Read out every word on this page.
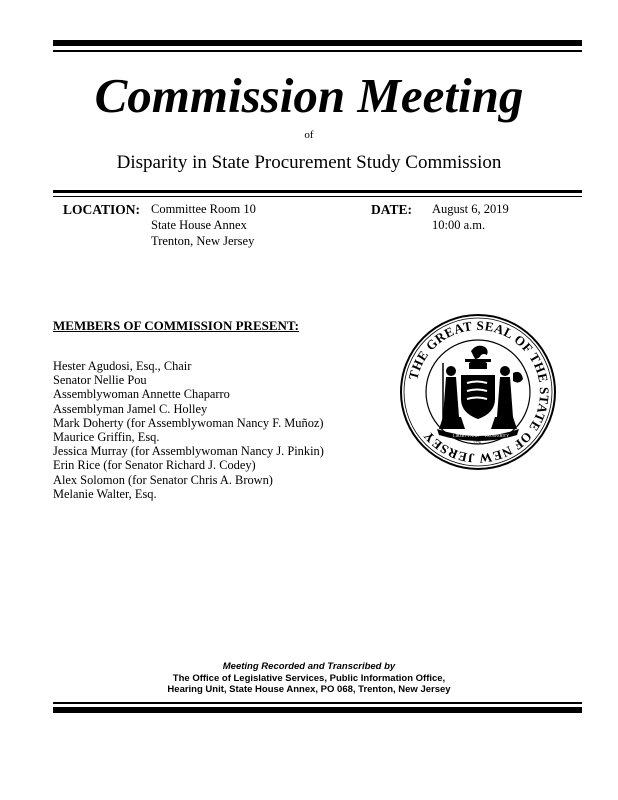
Commission Meeting
of
Disparity in State Procurement Study Commission
LOCATION: Committee Room 10
State House Annex
Trenton, New Jersey
DATE: August 6, 2019
10:00 a.m.
MEMBERS OF COMMISSION PRESENT:
Hester Agudosi, Esq., Chair
Senator Nellie Pou
Assemblywoman Annette Chaparro
Assemblyman Jamel C. Holley
Mark Doherty (for Assemblywoman Nancy F. Muñoz)
Maurice Griffin, Esq.
Jessica Murray (for Assemblywoman Nancy J. Pinkin)
Erin Rice (for Senator Richard J. Codey)
Alex Solomon (for Senator Chris A. Brown)
Melanie Walter, Esq.
THE GREAT SEAL OF THE STATE OF NEW JERSEY	LIBERTY AND PROSPERITY
1776
Meeting Recorded and Transcribed by
The Office of Legislative Services, Public Information Office,
Hearing Unit, State House Annex, PO 068, Trenton, New Jersey
